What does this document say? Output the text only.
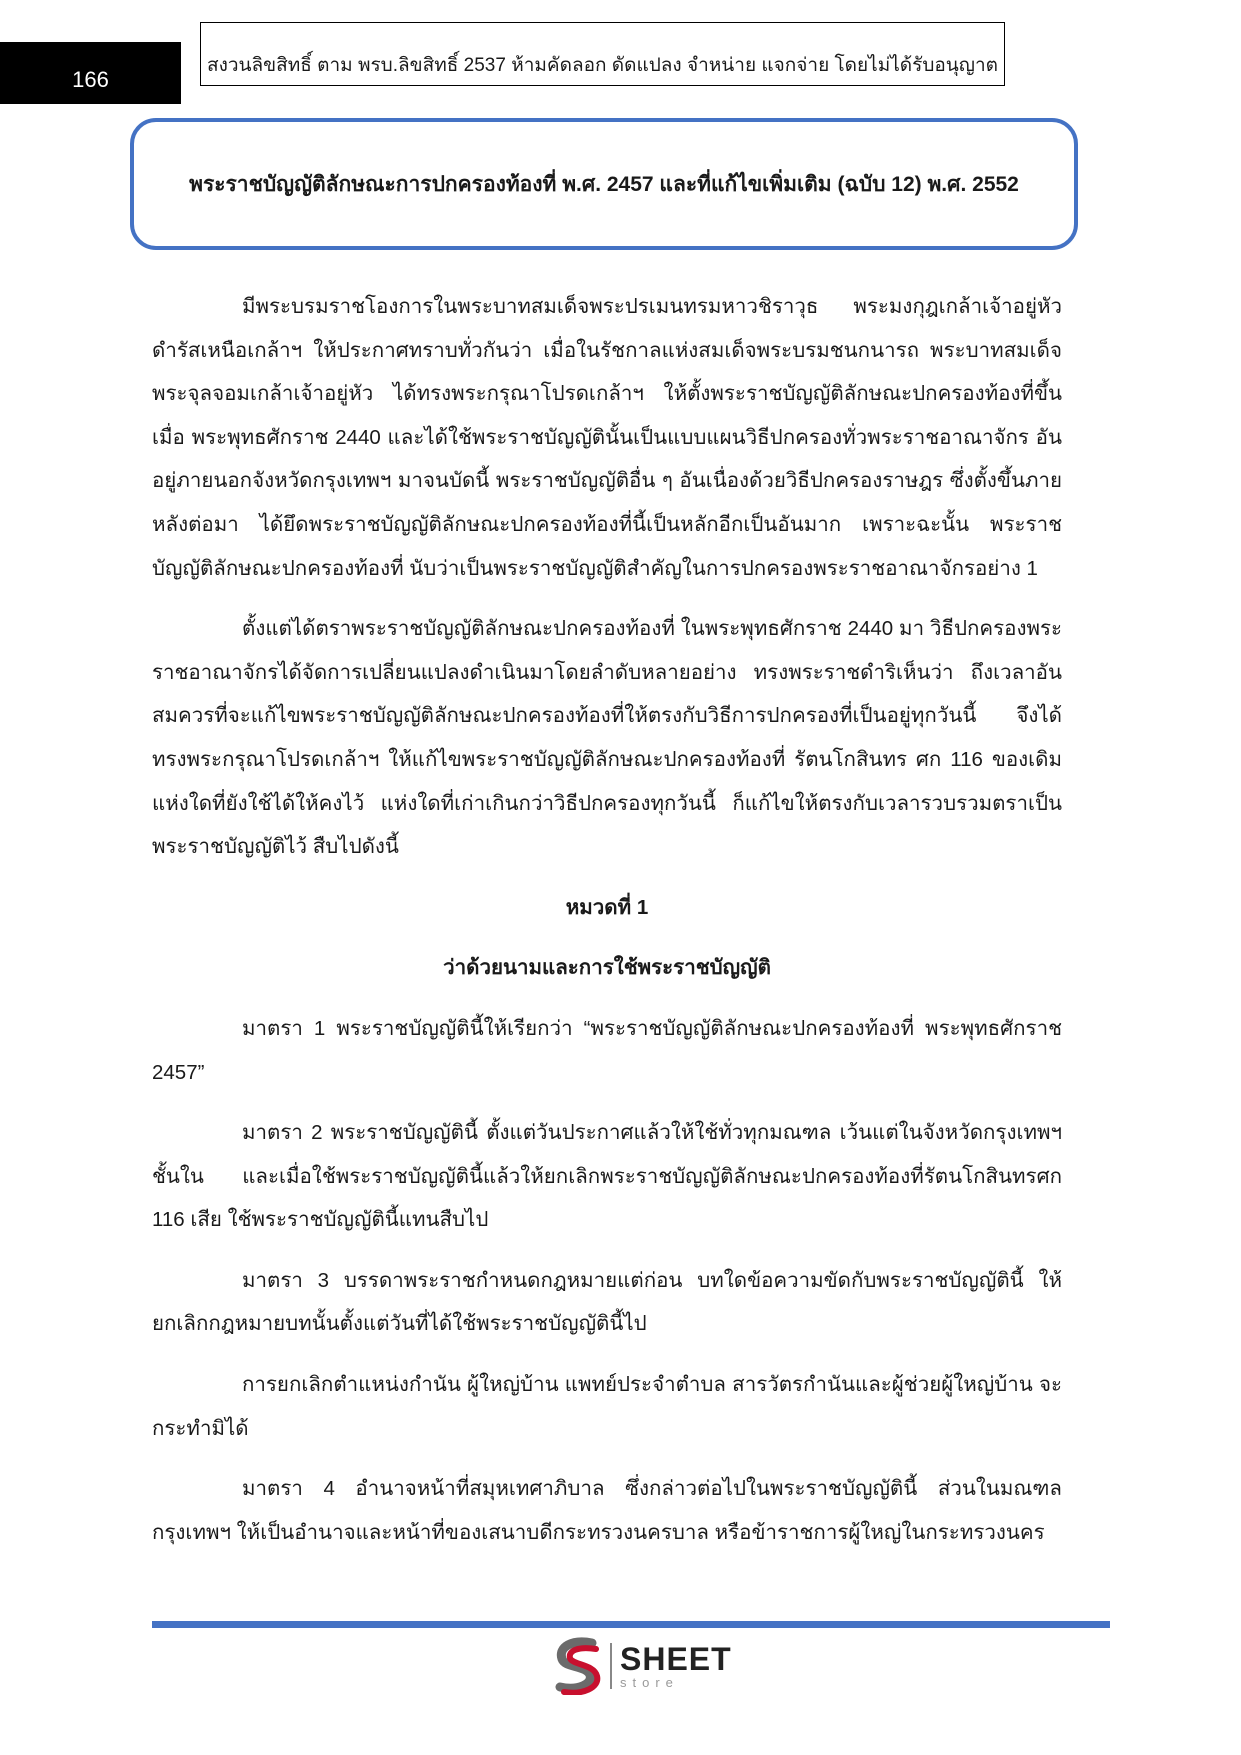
166
สงวนลิขสิทธิ์ ตาม พรบ.ลิขสิทธิ์ 2537 ห้ามคัดลอก ดัดแปลง จำหน่าย แจกจ่าย โดยไม่ได้รับอนุญาต
พระราชบัญญัติลักษณะการปกครองท้องที่ พ.ศ. 2457 และที่แก้ไขเพิ่มเติม (ฉบับ 12) พ.ศ. 2552

มีพระบรมราชโองการในพระบาทสมเด็จพระปรเมนทรมหาวชิราวุธ พระมงกุฎเกล้าเจ้าอยู่หัว ดำรัสเหนือเกล้าฯ ให้ประกาศทราบทั่วกันว่า เมื่อในรัชกาลแห่งสมเด็จพระบรมชนกนารถ พระบาทสมเด็จพระจุลจอมเกล้าเจ้าอยู่หัว ได้ทรงพระกรุณาโปรดเกล้าฯ ให้ตั้งพระราชบัญญัติลักษณะปกครองท้องที่ขึ้นเมื่อ พระพุทธศักราช 2440 และได้ใช้พระราชบัญญัตินั้นเป็นแบบแผนวิธีปกครองทั่วพระราชอาณาจักร อันอยู่ภายนอกจังหวัดกรุงเทพฯ มาจนบัดนี้ พระราชบัญญัติอื่น ๆ อันเนื่องด้วยวิธีปกครองราษฎร ซึ่งตั้งขึ้นภายหลังต่อมา ได้ยึดพระราชบัญญัติลักษณะปกครองท้องที่นี้เป็นหลักอีกเป็นอันมาก เพราะฉะนั้น พระราชบัญญัติลักษณะปกครองท้องที่ นับว่าเป็นพระราชบัญญัติสำคัญในการปกครองพระราชอาณาจักรอย่าง 1

ตั้งแต่ได้ตราพระราชบัญญัติลักษณะปกครองท้องที่ ในพระพุทธศักราช 2440 มา วิธีปกครองพระราชอาณาจักรได้จัดการเปลี่ยนแปลงดำเนินมาโดยลำดับหลายอย่าง ทรงพระราชดำริเห็นว่า ถึงเวลาอันสมควรที่จะแก้ไขพระราชบัญญัติลักษณะปกครองท้องที่ให้ตรงกับวิธีการปกครองที่เป็นอยู่ทุกวันนี้ จึงได้ทรงพระกรุณาโปรดเกล้าฯ ให้แก้ไขพระราชบัญญัติลักษณะปกครองท้องที่ รัตนโกสินทร ศก 116 ของเดิม แห่งใดที่ยังใช้ได้ให้คงไว้ แห่งใดที่เก่าเกินกว่าวิธีปกครองทุกวันนี้ ก็แก้ไขให้ตรงกับเวลารวบรวมตราเป็นพระราชบัญญัติไว้ สืบไปดังนี้

หมวดที่ 1

ว่าด้วยนามและการใช้พระราชบัญญัติ

มาตรา 1 พระราชบัญญัตินี้ให้เรียกว่า “พระราชบัญญัติลักษณะปกครองท้องที่ พระพุทธศักราช 2457”

มาตรา 2 พระราชบัญญัตินี้ ตั้งแต่วันประกาศแล้วให้ใช้ทั่วทุกมณฑล เว้นแต่ในจังหวัดกรุงเทพฯ ชั้นใน และเมื่อใช้พระราชบัญญัตินี้แล้วให้ยกเลิกพระราชบัญญัติลักษณะปกครองท้องที่รัตนโกสินทรศก 116 เสีย ใช้พระราชบัญญัตินี้แทนสืบไป

มาตรา 3 บรรดาพระราชกำหนดกฎหมายแต่ก่อน บทใดข้อความขัดกับพระราชบัญญัตินี้ ให้ยกเลิกกฎหมายบทนั้นตั้งแต่วันที่ได้ใช้พระราชบัญญัตินี้ไป

การยกเลิกตำแหน่งกำนัน ผู้ใหญ่บ้าน แพทย์ประจำตำบล สารวัตรกำนันและผู้ช่วยผู้ใหญ่บ้าน จะกระทำมิได้

มาตรา 4 อำนาจหน้าที่สมุหเทศาภิบาล ซึ่งกล่าวต่อไปในพระราชบัญญัตินี้ ส่วนในมณฑลกรุงเทพฯ ให้เป็นอำนาจและหน้าที่ของเสนาบดีกระทรวงนครบาล หรือข้าราชการผู้ใหญ่ในกระทรวงนคร

SHEET
store
